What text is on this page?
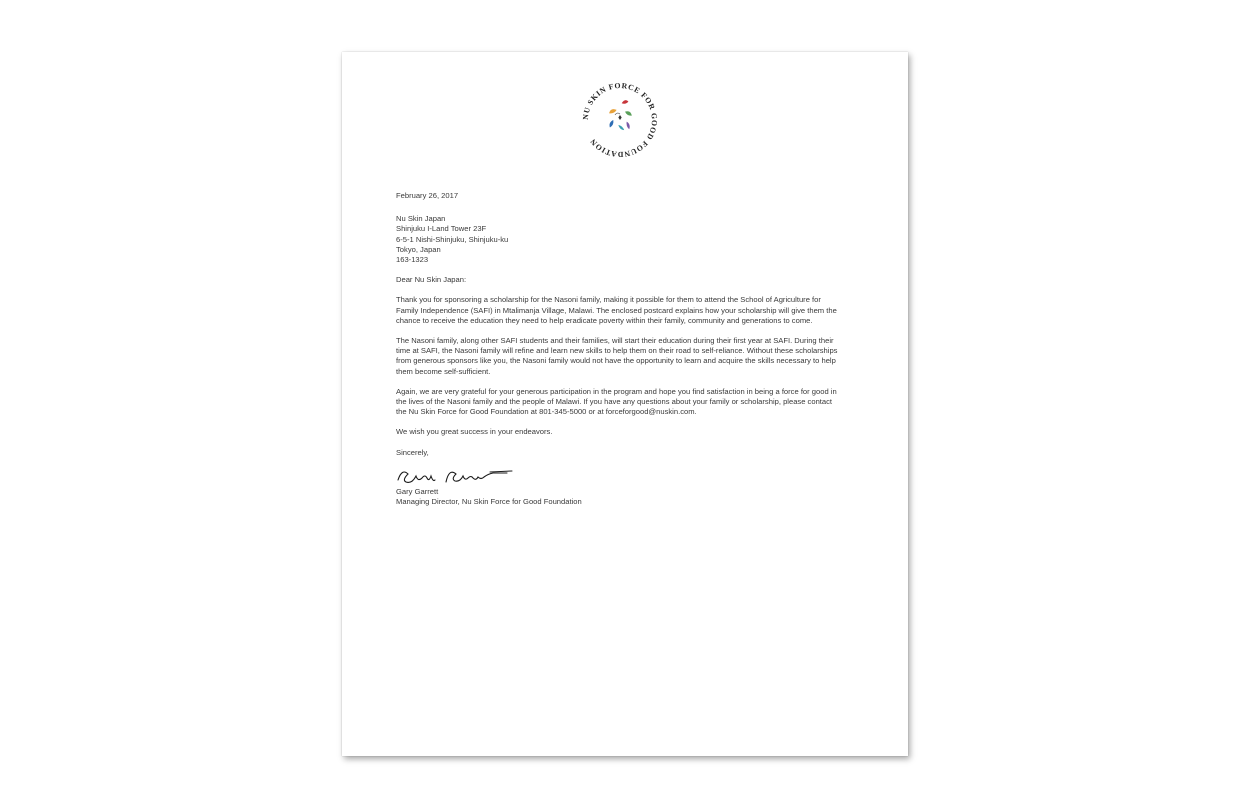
NU SKIN FORCE FOR GOOD FOUNDATION

February 26, 2017

Nu Skin Japan

Shinjuku I-Land Tower 23F

6-5-1 Nishi-Shinjuku, Shinjuku-ku

Tokyo, Japan

163-1323

Dear Nu Skin Japan:

Thank you for sponsoring a scholarship for the Nasoni family, making it possible for them to attend the School of Agriculture for Family Independence (SAFI) in Mtalimanja Village, Malawi. The enclosed postcard explains how your scholarship will give them the chance to receive the education they need to help eradicate poverty within their family, community and generations to come.

The Nasoni family, along other SAFI students and their families, will start their education during their first year at SAFI. During their time at SAFI, the Nasoni family will refine and learn new skills to help them on their road to self-reliance. Without these scholarships from generous sponsors like you, the Nasoni family would not have the opportunity to learn and acquire the skills necessary to help them become self-sufficient.

Again, we are very grateful for your generous participation in the program and hope you find satisfaction in being a force for good in the lives of the Nasoni family and the people of Malawi. If you have any questions about your family or scholarship, please contact the Nu Skin Force for Good Foundation at 801-345-5000 or at forceforgood@nuskin.com.

We wish you great success in your endeavors.

Sincerely,

Gary Garrett

Managing Director, Nu Skin Force for Good Foundation
